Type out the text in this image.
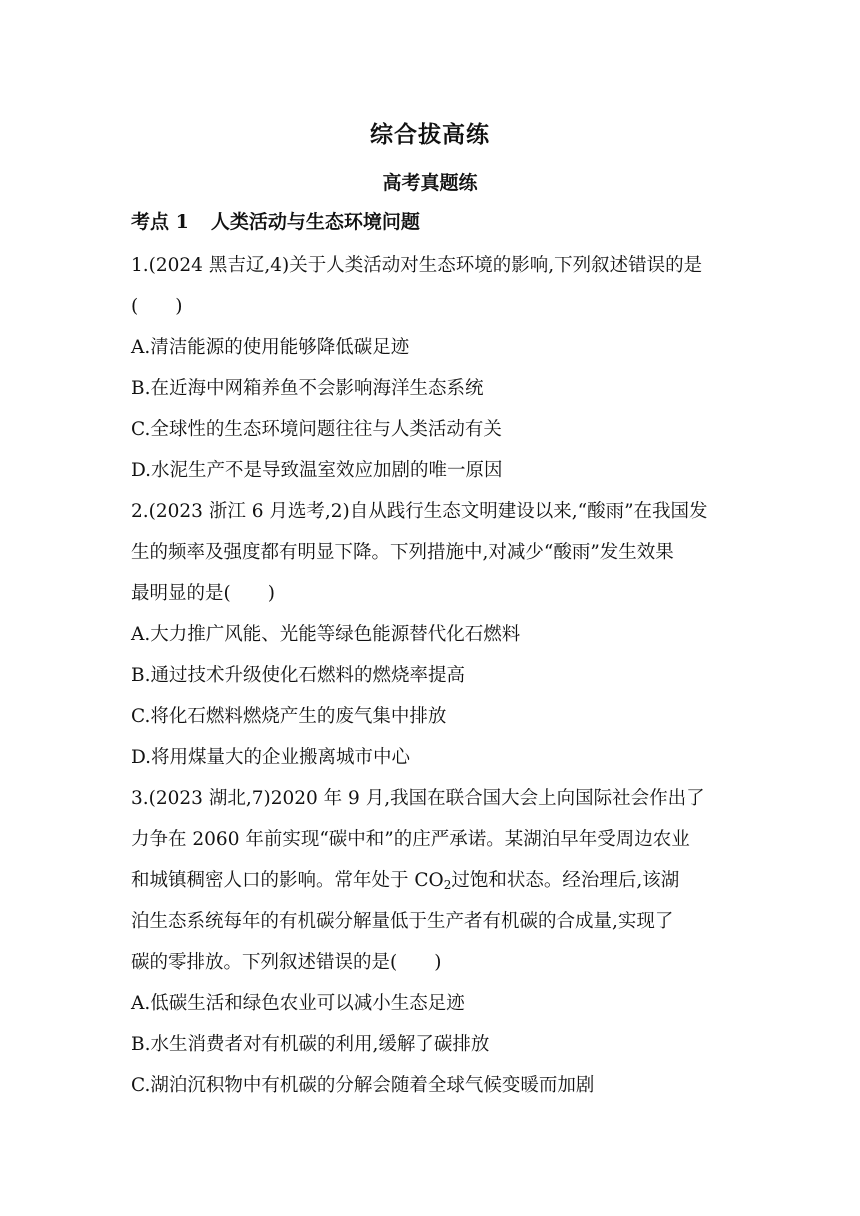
综合拔高练
高考真题练
考点 1 人类活动与生态环境问题
1.(2024 黑吉辽,4)关于人类活动对生态环境的影响,下列叙述错误的是
(　　)
A.清洁能源的使用能够降低碳足迹
B.在近海中网箱养鱼不会影响海洋生态系统
C.全球性的生态环境问题往往与人类活动有关
D.水泥生产不是导致温室效应加剧的唯一原因
2.(2023 浙江 6 月选考,2)自从践行生态文明建设以来,“酸雨”在我国发
生的频率及强度都有明显下降。下列措施中,对减少“酸雨”发生效果
最明显的是(　　)
A.大力推广风能、光能等绿色能源替代化石燃料
B.通过技术升级使化石燃料的燃烧率提高
C.将化石燃料燃烧产生的废气集中排放
D.将用煤量大的企业搬离城市中心
3.(2023 湖北,7)2020 年 9 月,我国在联合国大会上向国际社会作出了
力争在 2060 年前实现“碳中和”的庄严承诺。某湖泊早年受周边农业
和城镇稠密人口的影响。常年处于 $CO_2$过饱和状态。经治理后,该湖
泊生态系统每年的有机碳分解量低于生产者有机碳的合成量,实现了
碳的零排放。下列叙述错误的是(　　)
A.低碳生活和绿色农业可以减小生态足迹
B.水生消费者对有机碳的利用,缓解了碳排放
C.湖泊沉积物中有机碳的分解会随着全球气候变暖而加剧
